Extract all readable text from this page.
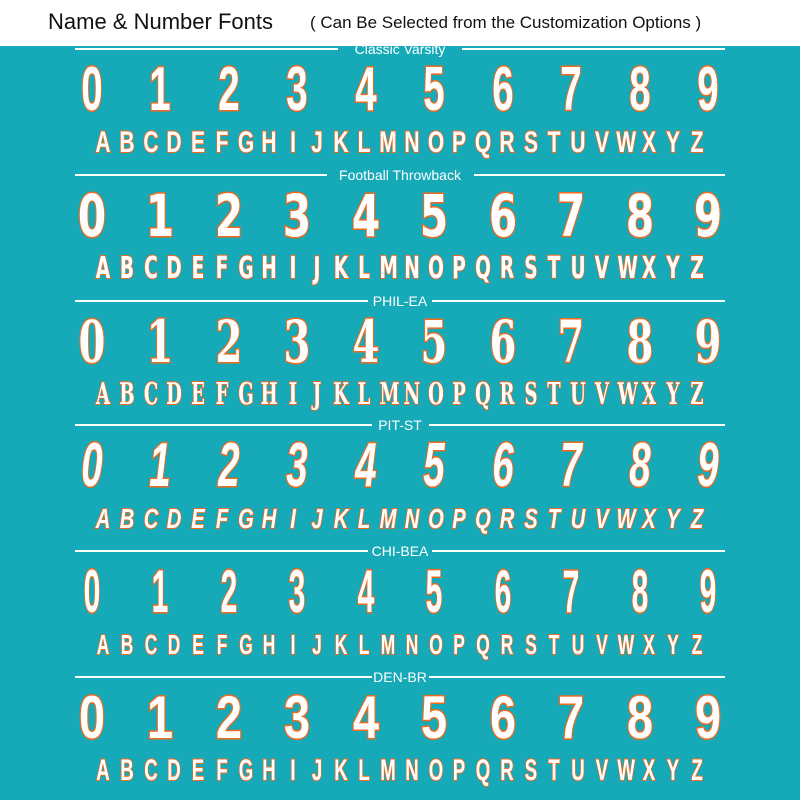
Name & Number Fonts ( Can Be Selected from the Customization Options )
Classic Varsity
0 1 2 3 4 5 6 7 8 9
A B C D E F G H I J K L M N O P Q R S T U V W X Y Z
Football Throwback
0 1 2 3 4 5 6 7 8 9
A B C D E F G H I J K L M N O P Q R S T U V W X Y Z
PHIL-EA
0 1 2 3 4 5 6 7 8 9
A B C D E F G H I J K L M N O P Q R S T U V W X Y Z
PIT-ST
0 1 2 3 4 5 6 7 8 9
A B C D E F G H I J K L M N O P Q R S T U V W X Y Z
CHI-BEA
0 1 2 3 4 5 6 7 8 9
A B C D E F G H I J K L M N O P Q R S T U V W X Y Z
DEN-BR
0 1 2 3 4 5 6 7 8 9
A B C D E F G H I J K L M N O P Q R S T U V W X Y Z
